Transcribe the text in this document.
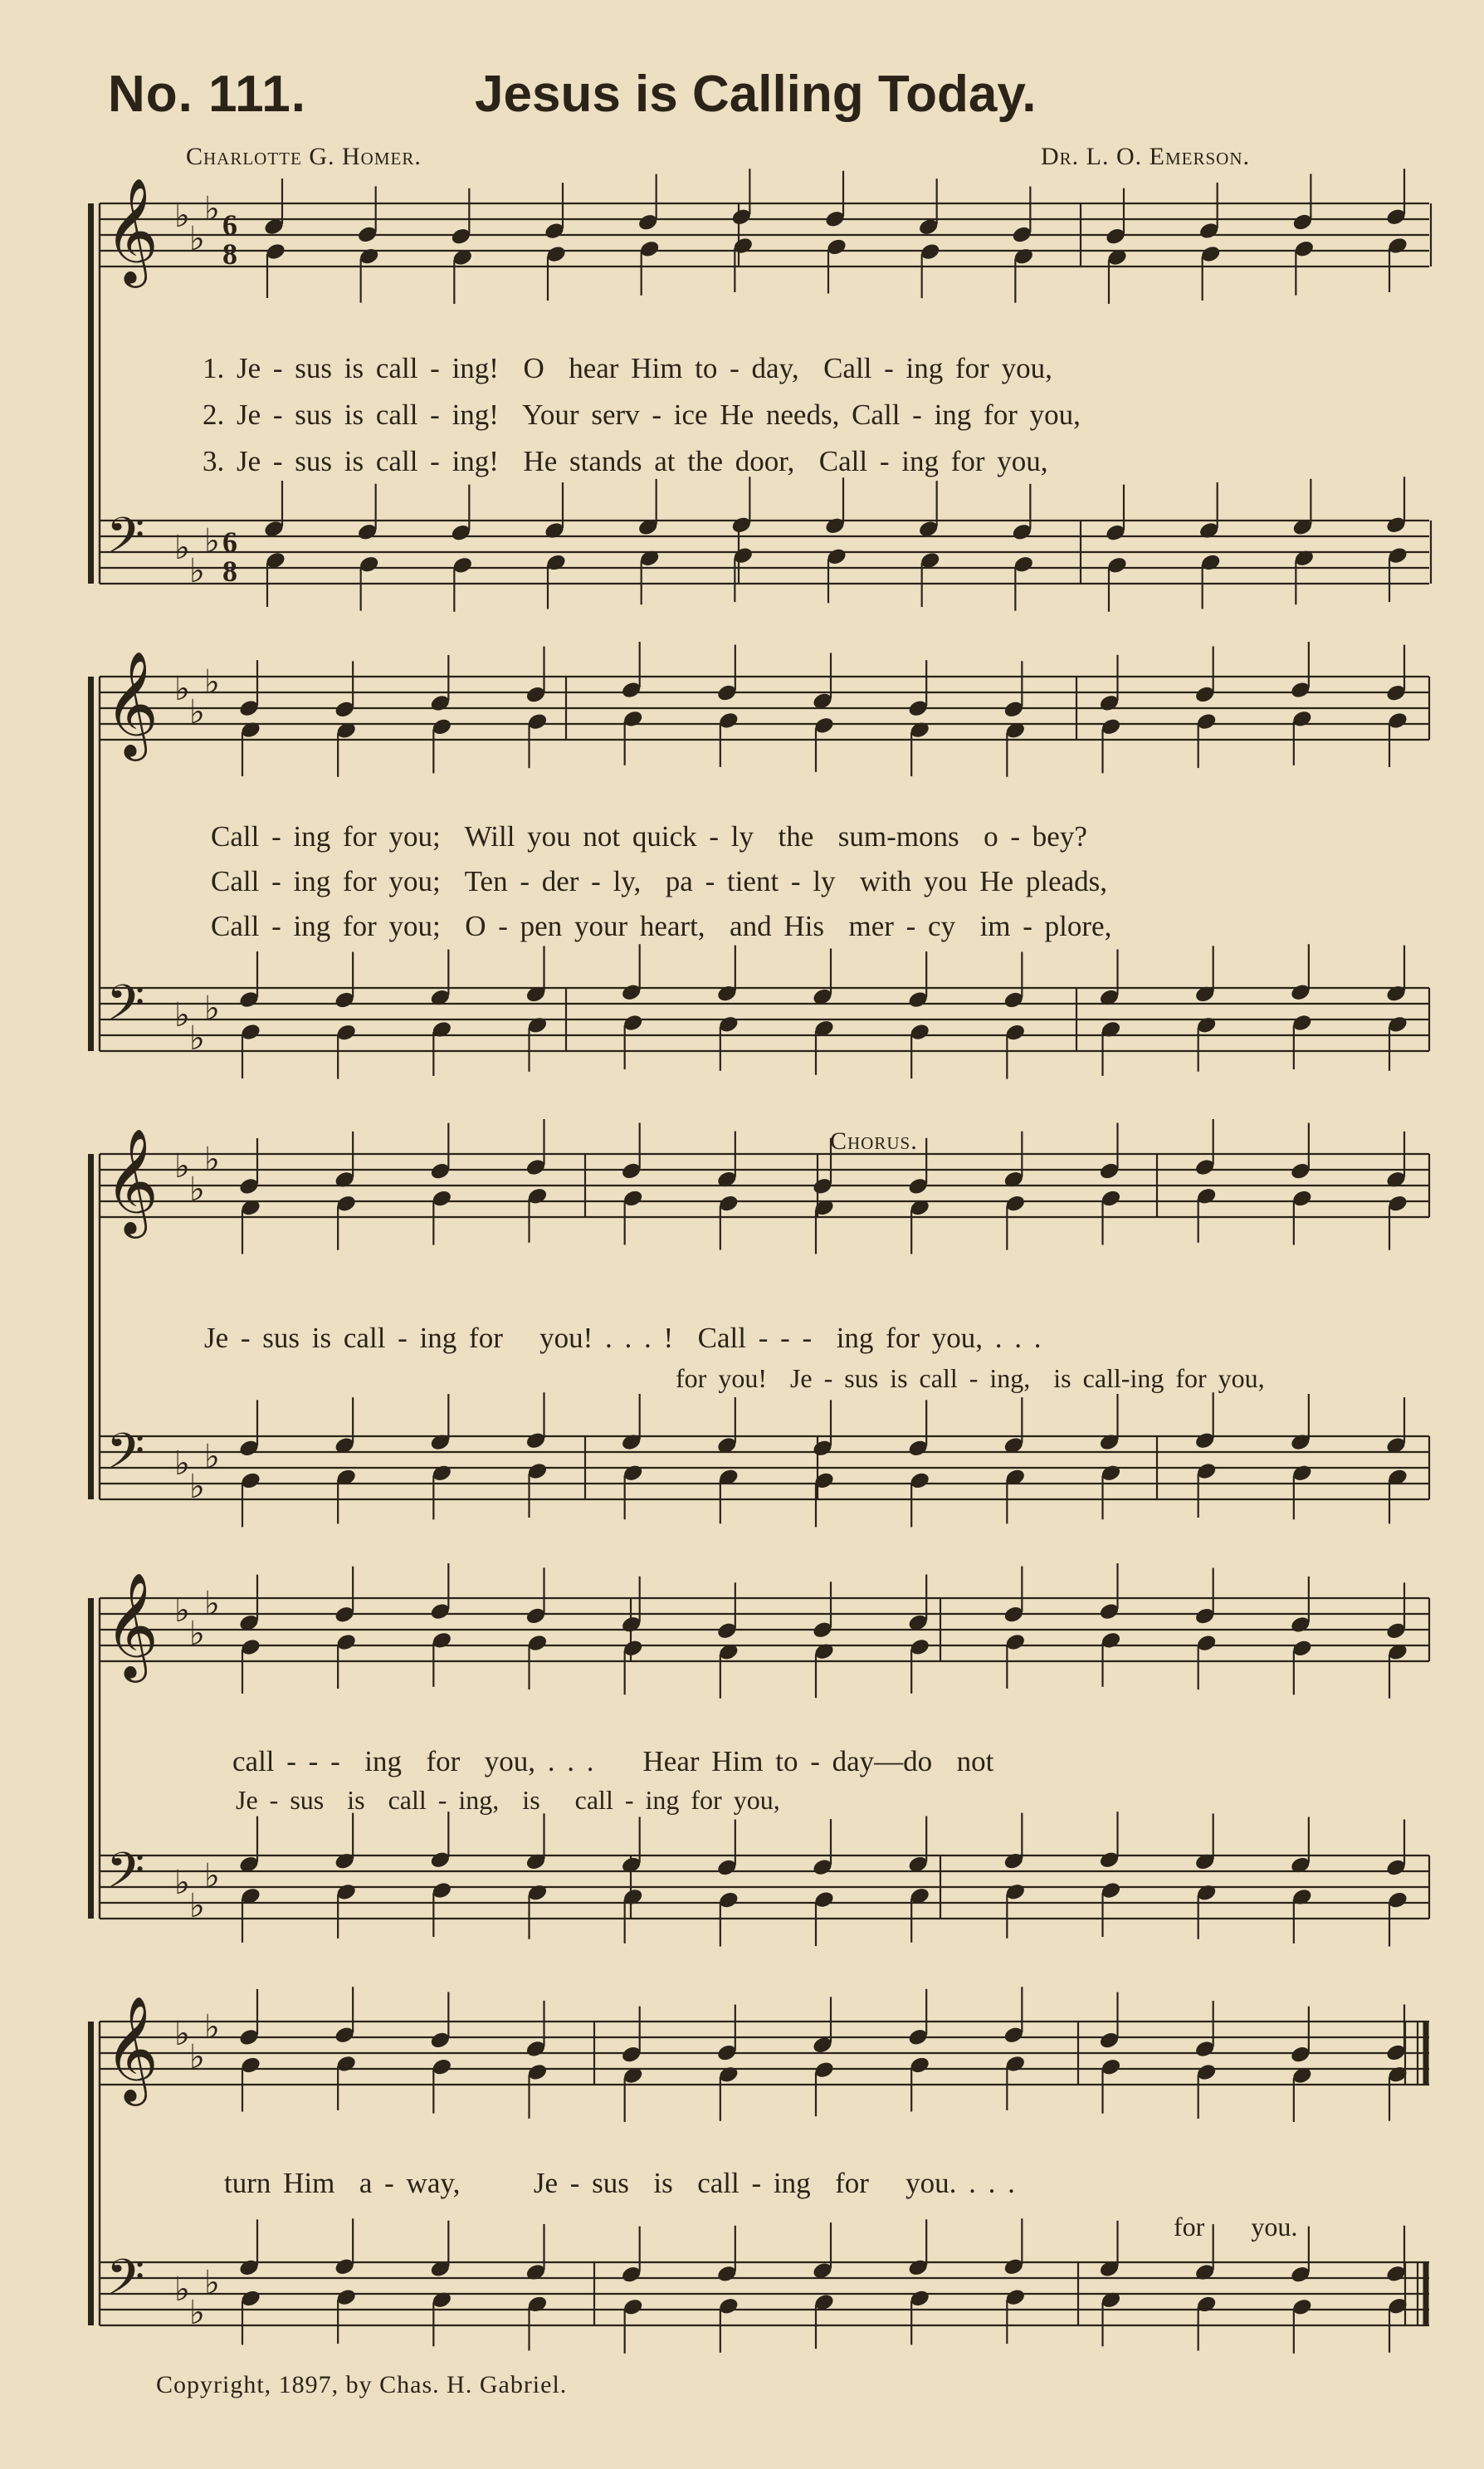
No. 111.	Jesus is Calling Today.
Charlotte G. Homer.	Dr. L. O. Emerson.
𝄞
𝄢
♭
♭
♭
♭
♭
♭
6
8
6
8
𝄞
𝄢
♭
♭
♭
♭
♭
♭
𝄞
𝄢
♭
♭
♭
♭
♭
♭
𝄞
𝄢
♭
♭
♭
♭
♭
♭
𝄞
𝄢
♭
♭
♭
♭
♭
♭
1. Je - sus is call - ing!  O  hear Him to - day,  Call - ing for you,
2. Je - sus is call - ing!  Your serv - ice He needs, Call - ing for you,
3. Je - sus is call - ing!  He stands at the door,  Call - ing for you,
Call - ing for you;  Will you not quick - ly  the  sum-mons  o - bey?
Call - ing for you;  Ten - der - ly,  pa - tient - ly  with you He pleads,
Call - ing for you;  O - pen your heart,  and His  mer - cy  im - plore,
Chorus.
Je - sus is call - ing for   you! . . . !  Call - - -  ing for you, . . .
for you!  Je - sus is call - ing,  is call-ing for you,
call - - -  ing  for  you, . . .    Hear Him to - day—do  not
Je - sus  is  call - ing,  is   call - ing for you,
turn Him  a - way,      Je - sus  is  call - ing  for   you. . . .
for    you.
Copyright, 1897, by Chas. H. Gabriel.
